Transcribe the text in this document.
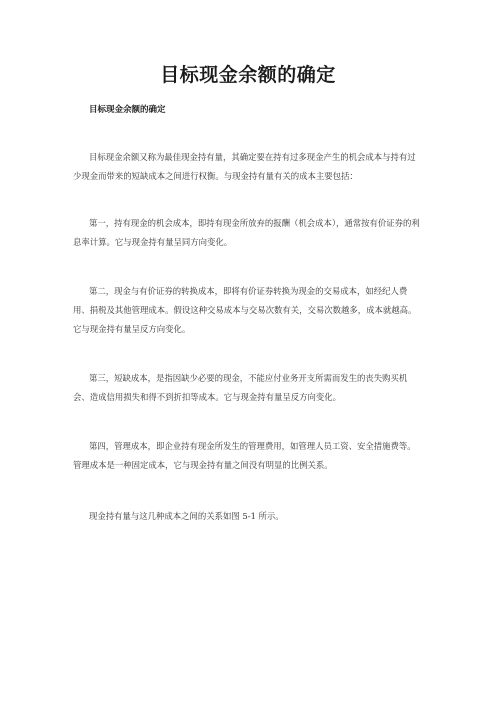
目标现金余额的确定
目标现金余额的确定

目标现金余额又称为最佳现金持有量，其确定要在持有过多现金产生的机会成本与持有过少现金而带来的短缺成本之间进行权衡。与现金持有量有关的成本主要包括：

第一，持有现金的机会成本，即持有现金所放弃的报酬（机会成本），通常按有价证券的利息率计算。它与现金持有量呈同方向变化。

第二，现金与有价证券的转换成本，即将有价证券转换为现金的交易成本，如经纪人费用、捐税及其他管理成本。假设这种交易成本与交易次数有关，交易次数越多，成本就越高。它与现金持有量呈反方向变化。

第三，短缺成本，是指因缺少必要的现金，不能应付业务开支所需而发生的丧失购买机会、造成信用损失和得不到折扣等成本。它与现金持有量呈反方向变化。

第四，管理成本，即企业持有现金所发生的管理费用，如管理人员工资、安全措施费等。管理成本是一种固定成本，它与现金持有量之间没有明显的比例关系。

现金持有量与这几种成本之间的关系如图 5-1 所示。
